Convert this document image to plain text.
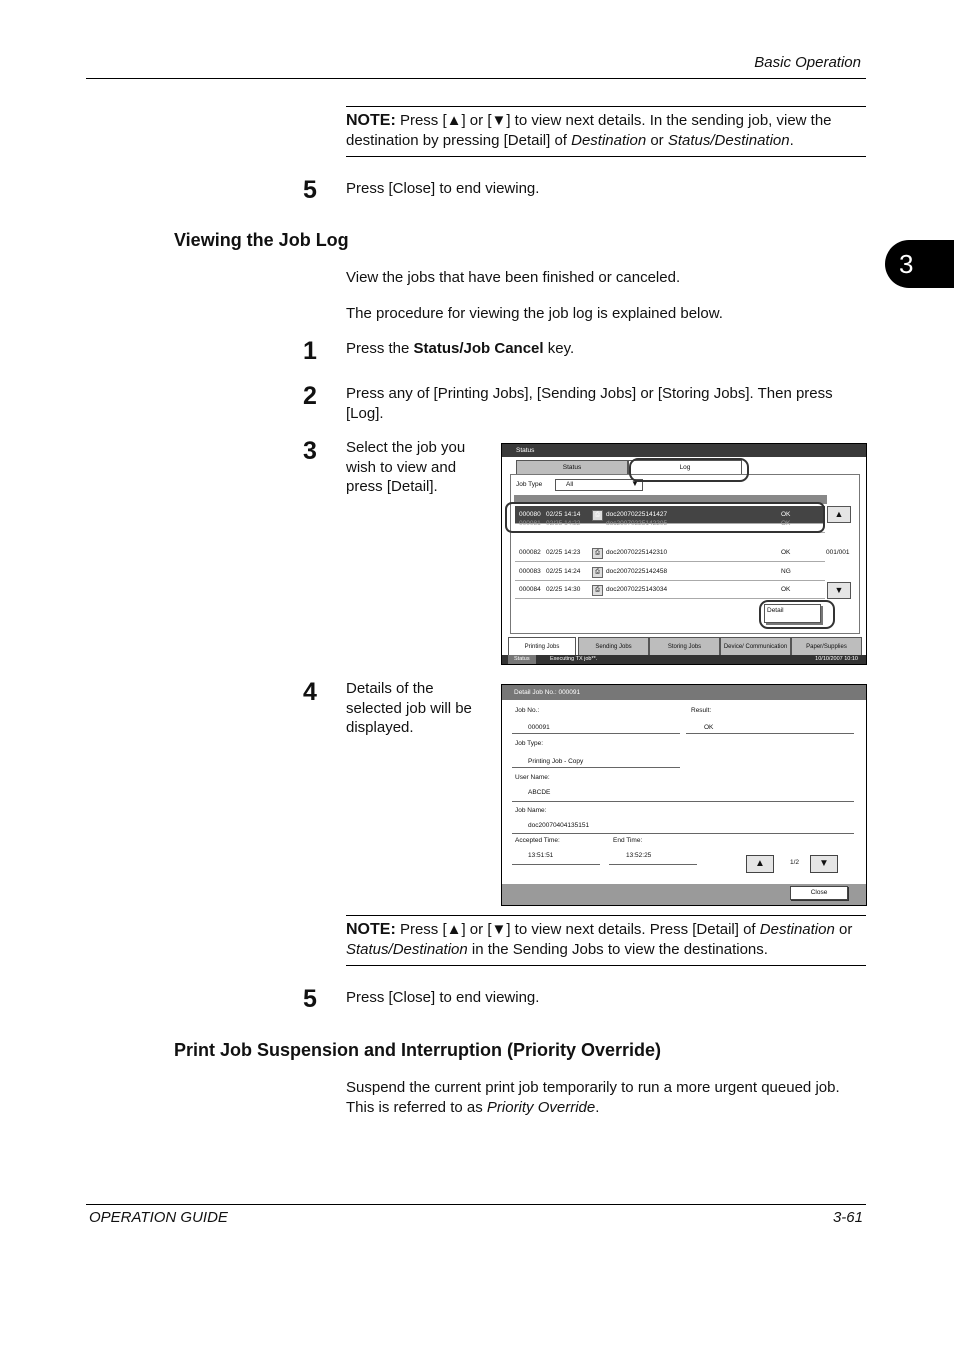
Basic Operation
3
NOTE: Press [▲] or [▼] to view next details. In the sending job, view the destination by pressing [Detail] of Destination or Status/Destination.
5 Press [Close] to end viewing.
Viewing the Job Log
View the jobs that have been finished or canceled.
The procedure for viewing the job log is explained below.
1 Press the Status/Job Cancel key.
2 Press any of [Printing Jobs], [Sending Jobs] or [Storing Jobs]. Then press [Log].
3 Select the job you wish to view and press [Detail].
Status
Status	Log
Job Type	All	▼
000080 02/25 14:14	⎙ doc20070225141427	OK
000081 02/25 14:22	doc20070225142205	OK
000082 02/25 14:23	⎙ doc20070225142310	OK
000083 02/25 14:24	⎙ doc20070225142458	NG
000084 02/25 14:30	⎙ doc20070225143034	OK
▲
001/001
▼
Detail
Printing Jobs	Sending Jobs	Storing Jobs	Device/ Communication	Paper/Supplies
Status	Executing TX job**.	10/10/2007 10:10
4 Details of the selected job will be displayed.
Detail Job No.: 000091
Job No.:
000091
Result:
OK
Job Type:
Printing Job - Copy
User Name:
ABCDE
Job Name:
doc20070404135151
Accepted Time:
13:51:51
End Time:
13:52:25
▲	1/2	▼
Close
NOTE: Press [▲] or [▼] to view next details. Press [Detail] of Destination or Status/Destination in the Sending Jobs to view the destinations.
5 Press [Close] to end viewing.
Print Job Suspension and Interruption (Priority Override)
Suspend the current print job temporarily to run a more urgent queued job. This is referred to as Priority Override.
OPERATION GUIDE	3-61
